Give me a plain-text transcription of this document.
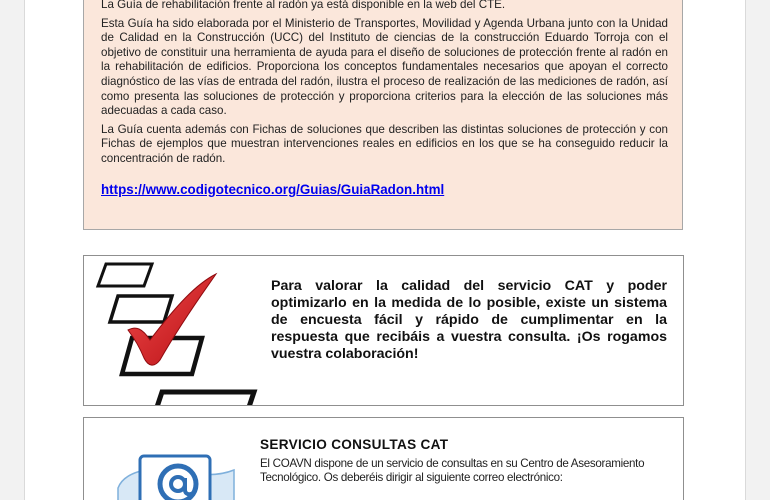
La Guía de rehabilitación frente al radón ya está disponible en la web del CTE.

Esta Guía ha sido elaborada por el Ministerio de Transportes, Movilidad y Agenda Urbana junto con la Unidad de Calidad en la Construcción (UCC) del Instituto de ciencias de la construcción Eduardo Torroja con el objetivo de constituir una herramienta de ayuda para el diseño de soluciones de protección frente al radón en la rehabilitación de edificios. Proporciona los conceptos fundamentales necesarios que apoyan el correcto diagnóstico de las vías de entrada del radón, ilustra el proceso de realización de las mediciones de radón, así como presenta las soluciones de protección y proporciona criterios para la elección de las soluciones más adecuadas a cada caso.

La Guía cuenta además con Fichas de soluciones que describen las distintas soluciones de protección y con Fichas de ejemplos que muestran intervenciones reales en edificios en los que se ha conseguido reducir la concentración de radón.

https://www.codigotecnico.org/Guias/GuiaRadon.html

Para valorar la calidad del servicio CAT y poder optimizarlo en la medida de lo posible, existe un sistema de encuesta fácil y rápido de cumplimentar en la respuesta que recibáis a vuestra consulta. ¡Os rogamos vuestra colaboración!

SERVICIO CONSULTAS CAT

El COAVN dispone de un servicio de consultas en su Centro de Asesoramiento Tecnológico. Os deberéis dirigir al siguiente correo electrónico:
